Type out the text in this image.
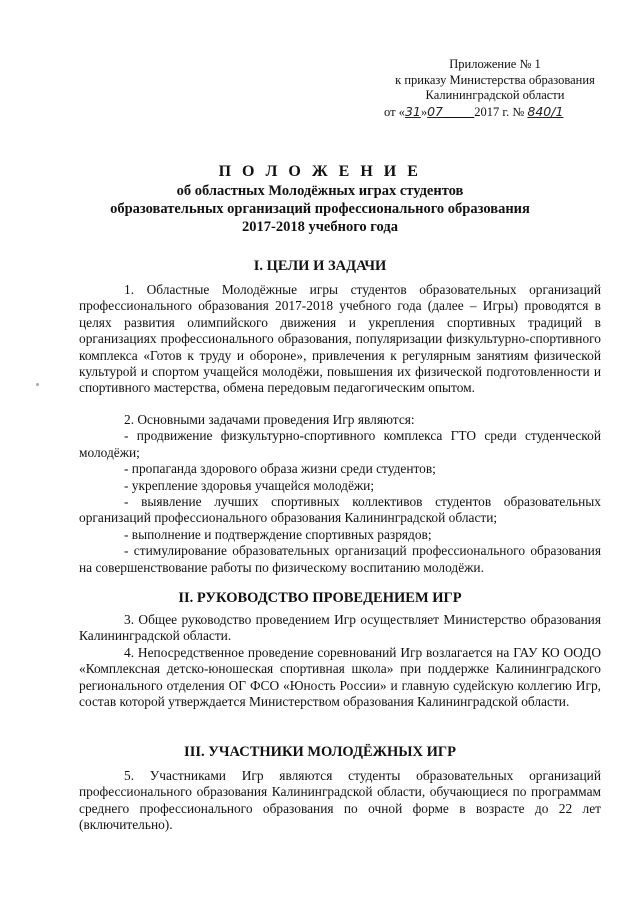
Приложение № 1
к приказу Министерства образования
Калининградской области
от «31»07	2017 г. № 840/1
П О Л О Ж Е Н И Е
об областных Молодёжных играх студентов
образовательных организаций профессионального образования
2017-2018 учебного года
I. ЦЕЛИ И ЗАДАЧИ
1. Областные Молодёжные игры студентов образовательных организаций профессионального образования 2017-2018 учебного года (далее – Игры) проводятся в целях развития олимпийского движения и укрепления спортивных традиций в организациях профессионального образования, популяризации физкультурно-спортивного комплекса «Готов к труду и обороне», привлечения к регулярным занятиям физической культурой и спортом учащейся молодёжи, повышения их физической подготовленности и спортивного мастерства, обмена передовым педагогическим опытом.
2. Основными задачами проведения Игр являются:
- продвижение физкультурно-спортивного комплекса ГТО среди студенческой молодёжи;
- пропаганда здорового образа жизни среди студентов;
- укрепление здоровья учащейся молодёжи;
- выявление лучших спортивных коллективов студентов образовательных организаций профессионального образования Калининградской области;
- выполнение и подтверждение спортивных разрядов;
- стимулирование образовательных организаций профессионального образования на совершенствование работы по физическому воспитанию молодёжи.
II. РУКОВОДСТВО ПРОВЕДЕНИЕМ ИГР
3. Общее руководство проведением Игр осуществляет Министерство образования Калининградской области.
4. Непосредственное проведение соревнований Игр возлагается на ГАУ КО ООДО «Комплексная детско-юношеская спортивная школа» при поддержке Калининградского регионального отделения ОГ ФСО «Юность России» и главную судейскую коллегию Игр, состав которой утверждается Министерством образования Калининградской области.
III. УЧАСТНИКИ МОЛОДЁЖНЫХ ИГР
5. Участниками Игр являются студенты образовательных организаций профессионального образования Калининградской области, обучающиеся по программам среднего профессионального образования по очной форме в возрасте до 22 лет (включительно).
